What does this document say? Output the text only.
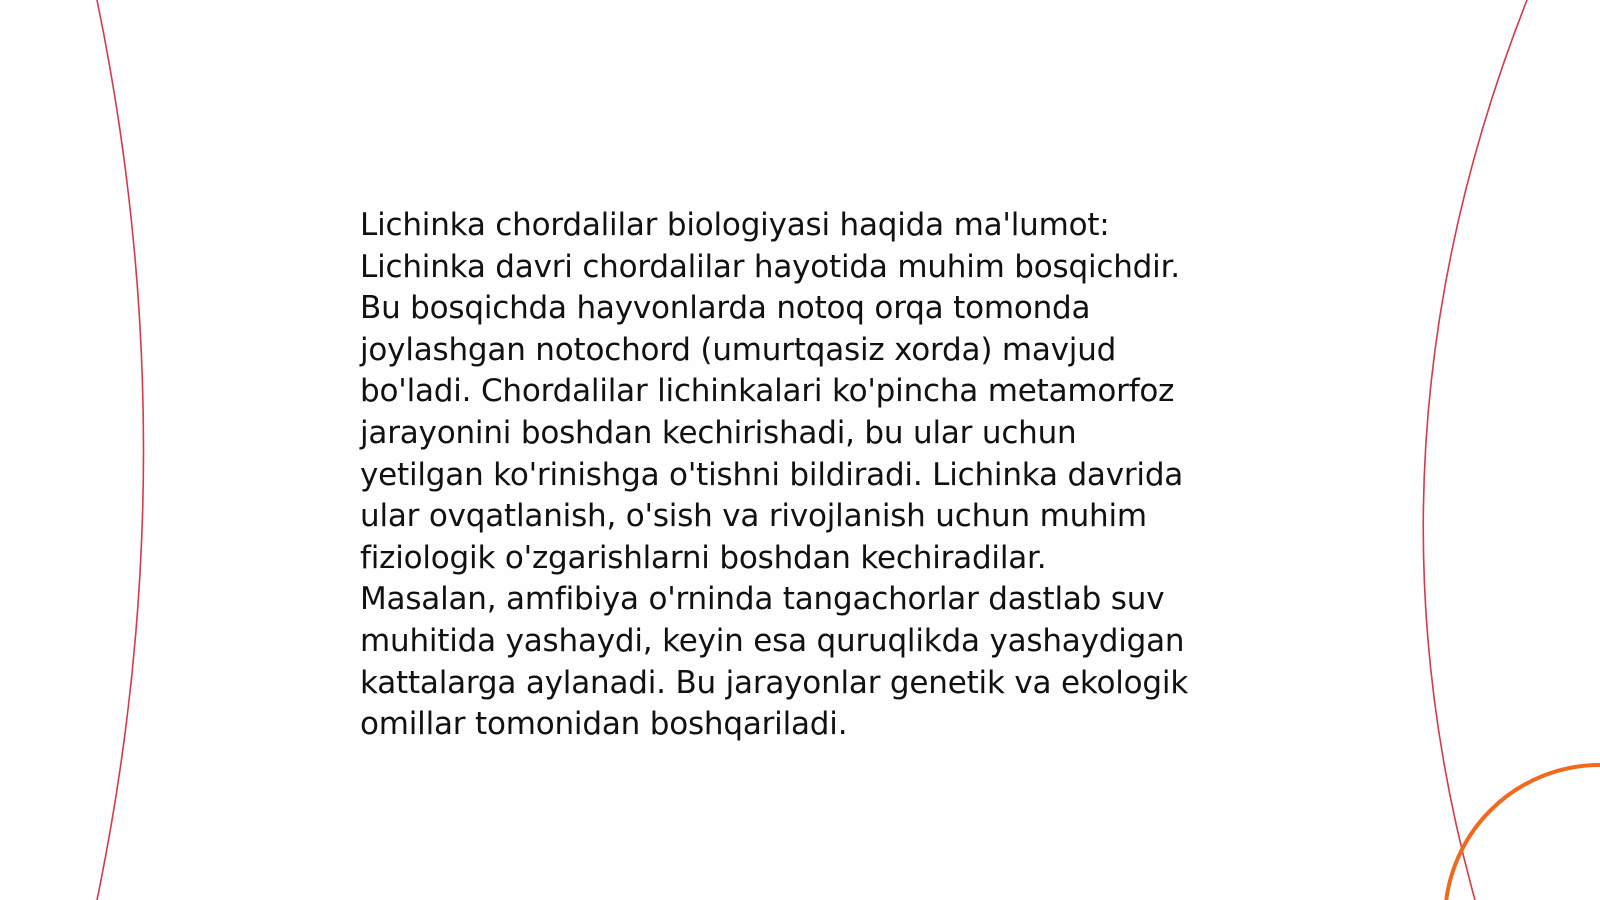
Lichinka chordalilar biologiyasi haqida ma'lumot:
Lichinka davri chordalilar hayotida muhim bosqichdir.
Bu bosqichda hayvonlarda notoq orqa tomonda
joylashgan notochord (umurtqasiz xorda) mavjud
bo'ladi. Chordalilar lichinkalari ko'pincha metamorfoz
jarayonini boshdan kechirishadi, bu ular uchun
yetilgan ko'rinishga o'tishni bildiradi. Lichinka davrida
ular ovqatlanish, o'sish va rivojlanish uchun muhim
fiziologik o'zgarishlarni boshdan kechiradilar.
Masalan, amfibiya o'rninda tangachorlar dastlab suv
muhitida yashaydi, keyin esa quruqlikda yashaydigan
kattalarga aylanadi. Bu jarayonlar genetik va ekologik
omillar tomonidan boshqariladi.
